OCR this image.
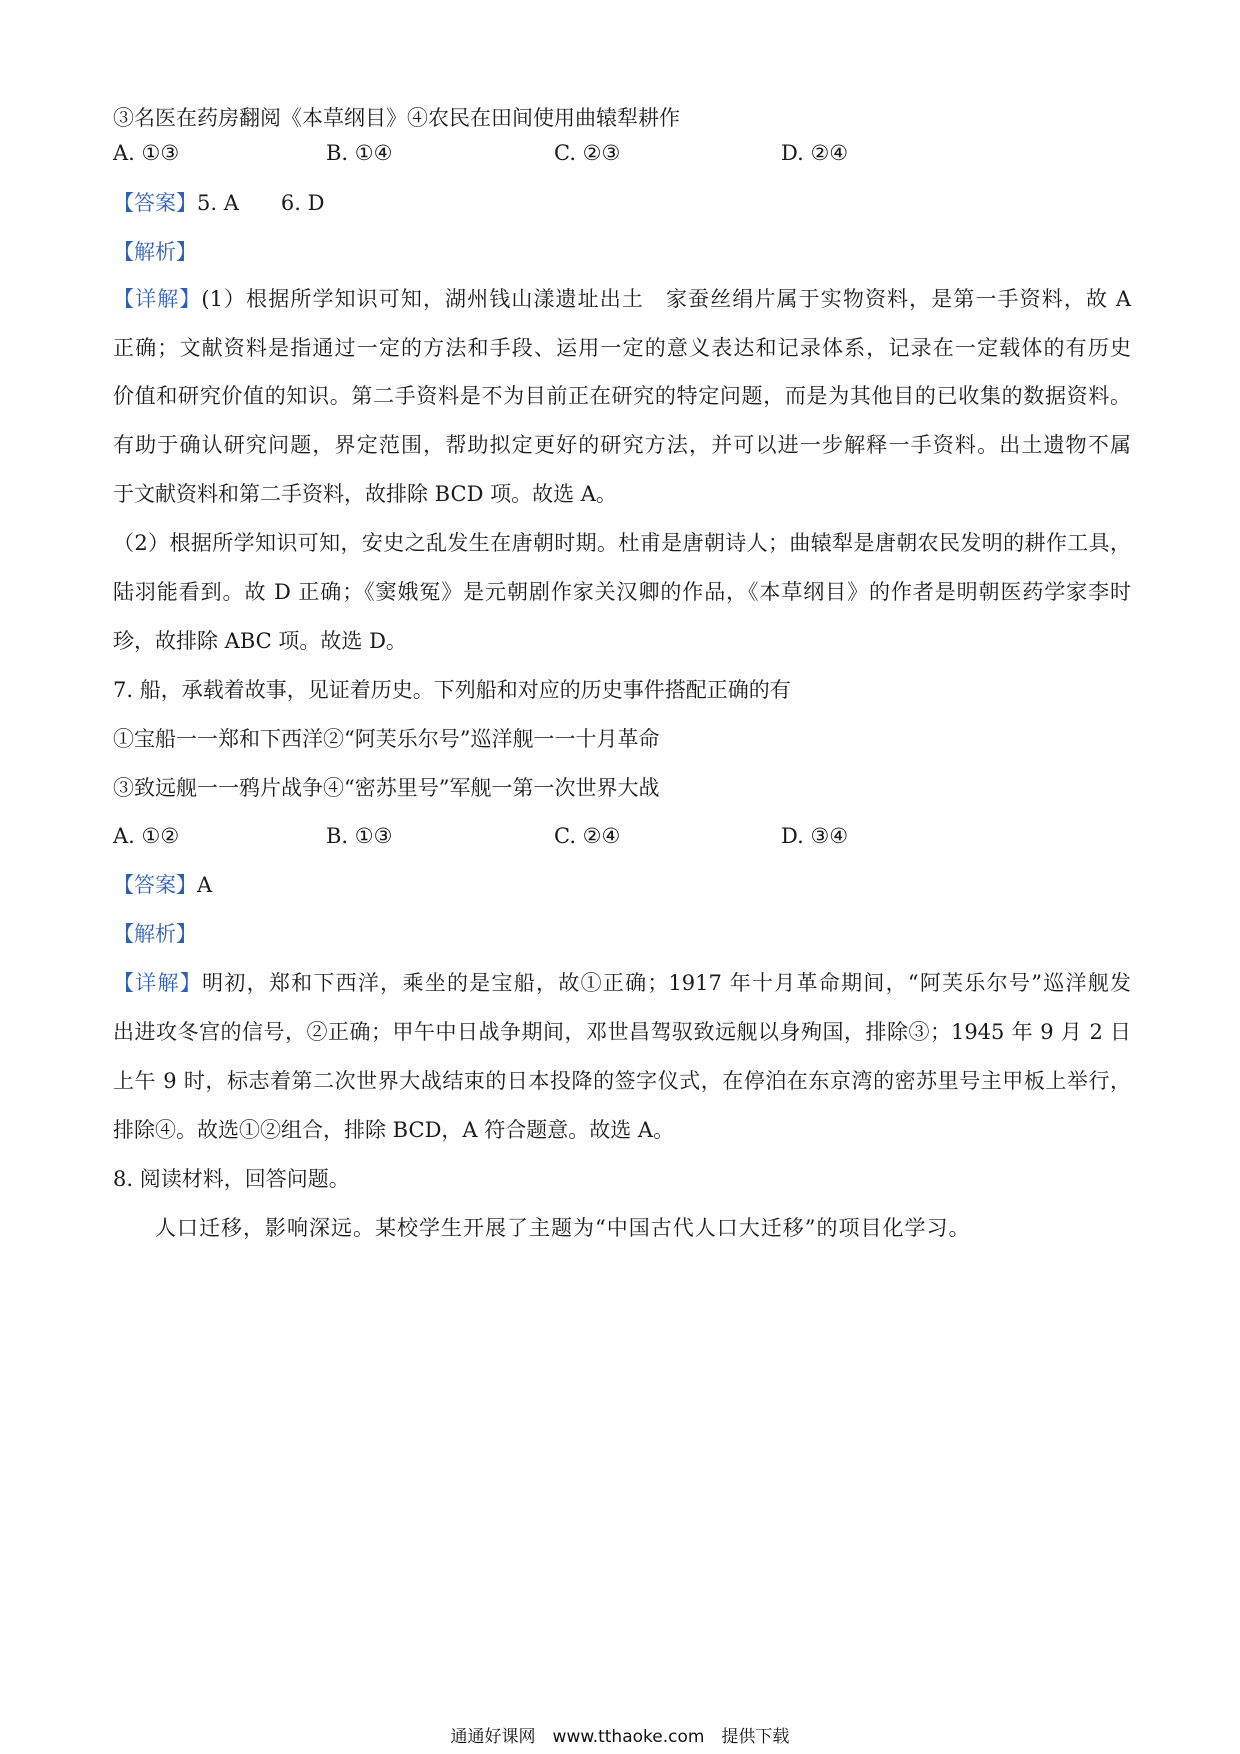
③名医在药房翻阅《本草纲目》④农民在田间使用曲辕犁耕作
A. ①③	B. ①④	C. ②③	D. ②④
【答案】5. A　　6. D
【解析】
【详解】(1）根据所学知识可知，湖州钱山漾遗址出土　家蚕丝绢片属于实物资料，是第一手资料，故 A
正确；文献资料是指通过一定的方法和手段、运用一定的意义表达和记录体系，记录在一定载体的有历史
价值和研究价值的知识。第二手资料是不为目前正在研究的特定问题，而是为其他目的已收集的数据资料。
有助于确认研究问题，界定范围，帮助拟定更好的研究方法，并可以进一步解释一手资料。出土遗物不属
于文献资料和第二手资料，故排除 BCD 项。故选 A。
（2）根据所学知识可知，安史之乱发生在唐朝时期。杜甫是唐朝诗人；曲辕犁是唐朝农民发明的耕作工具，
陆羽能看到。故 D 正确；《窦娥冤》是元朝剧作家关汉卿的作品，《本草纲目》的作者是明朝医药学家李时
珍，故排除 ABC 项。故选 D。
7. 船，承载着故事，见证着历史。下列船和对应的历史事件搭配正确的有
①宝船一一郑和下西洋②“阿芙乐尔号”巡洋舰一一十月革命
③致远舰一一鸦片战争④“密苏里号”军舰一第一次世界大战
A. ①②	B. ①③	C. ②④	D. ③④
【答案】A
【解析】
【详解】明初，郑和下西洋，乘坐的是宝船，故①正确；1917 年十月革命期间，“阿芙乐尔号”巡洋舰发
出进攻冬宫的信号，②正确；甲午中日战争期间，邓世昌驾驭致远舰以身殉国，排除③；1945 年 9 月 2 日
上午 9 时，标志着第二次世界大战结束的日本投降的签字仪式，在停泊在东京湾的密苏里号主甲板上举行，
排除④。故选①②组合，排除 BCD，A 符合题意。故选 A。
8. 阅读材料，回答问题。
人口迁移，影响深远。某校学生开展了主题为“中国古代人口大迁移”的项目化学习。
通通好课网　www.tthaoke.com　提供下载
